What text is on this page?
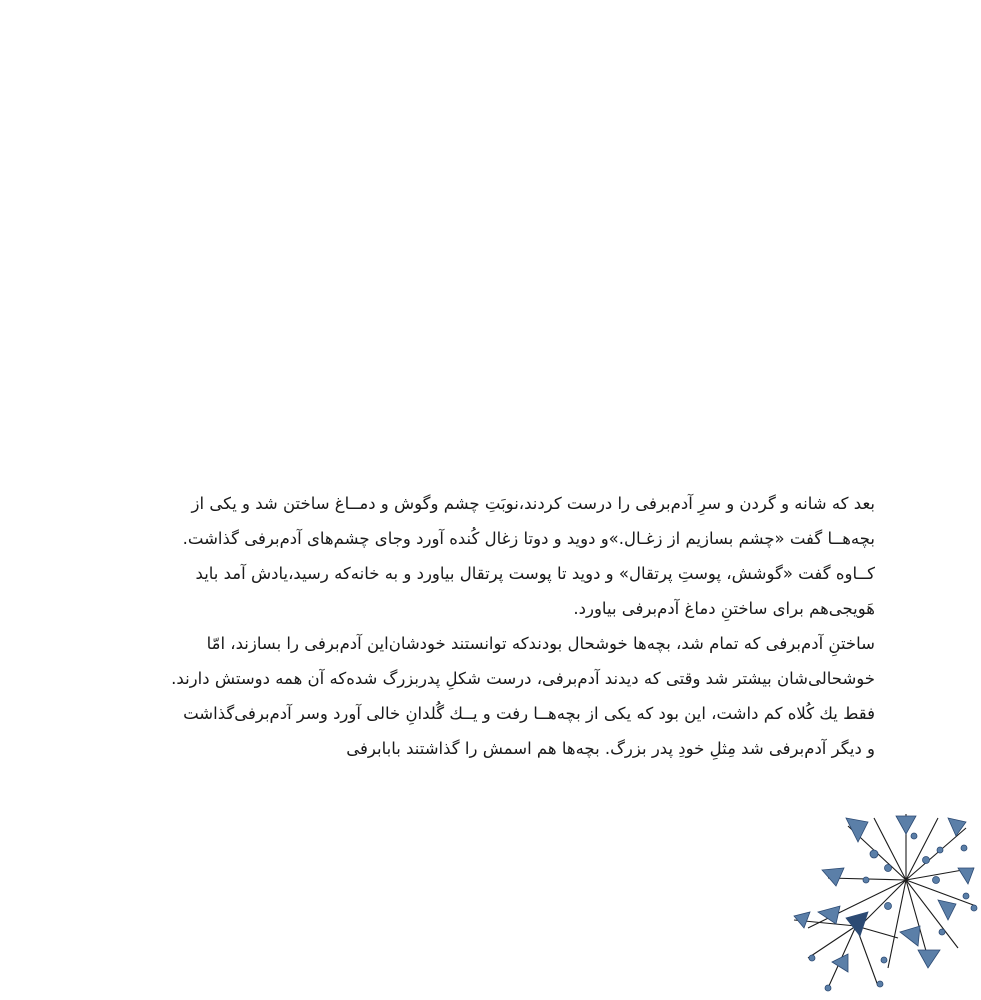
بعد که شانه و گردن و سرِ آدم‌برفی را درست کردند،نوبَتِ چشم وگوش و دمــاغ ساختن شد و یکی از
بچه‌هــا گفت «چشم بسازیم از زغـال.»و دوید و دوتا زغال کُنده آورد وجای چشم‌های آدم‌برفی گذاشت.
کــاوه گفت «گوشش، پوستِ پرتقال» و دوید تا پوست پرتقال بیاورد و به خانه‌که رسید،یادش آمد باید
هَویجی‌هم برای ساختنِ دماغ آدم‌برفی بیاورد.
ساختنِ آدم‌برفی که تمام شد، بچه‌ها خوشحال بودندکه توانستند خودشان‌این آدم‌برفی را بسازند، امّا
خوشحالی‌شان بیشتر شد وقتی که دیدند آدم‌برفی، درست شکلِ پدربزرگ شده‌که آن همه دوستش دارند.
فقط یك کُلاه کم داشت، این بود که یکی از بچه‌هــا رفت و یــك گُلدانِ خالی آورد وسر آدم‌برفی‌گذاشت
و دیگر آدم‌برفی شد مِثلِ خودِ پدر بزرگ. بچه‌ها هم اسمش را گذاشتند بابابرفی
